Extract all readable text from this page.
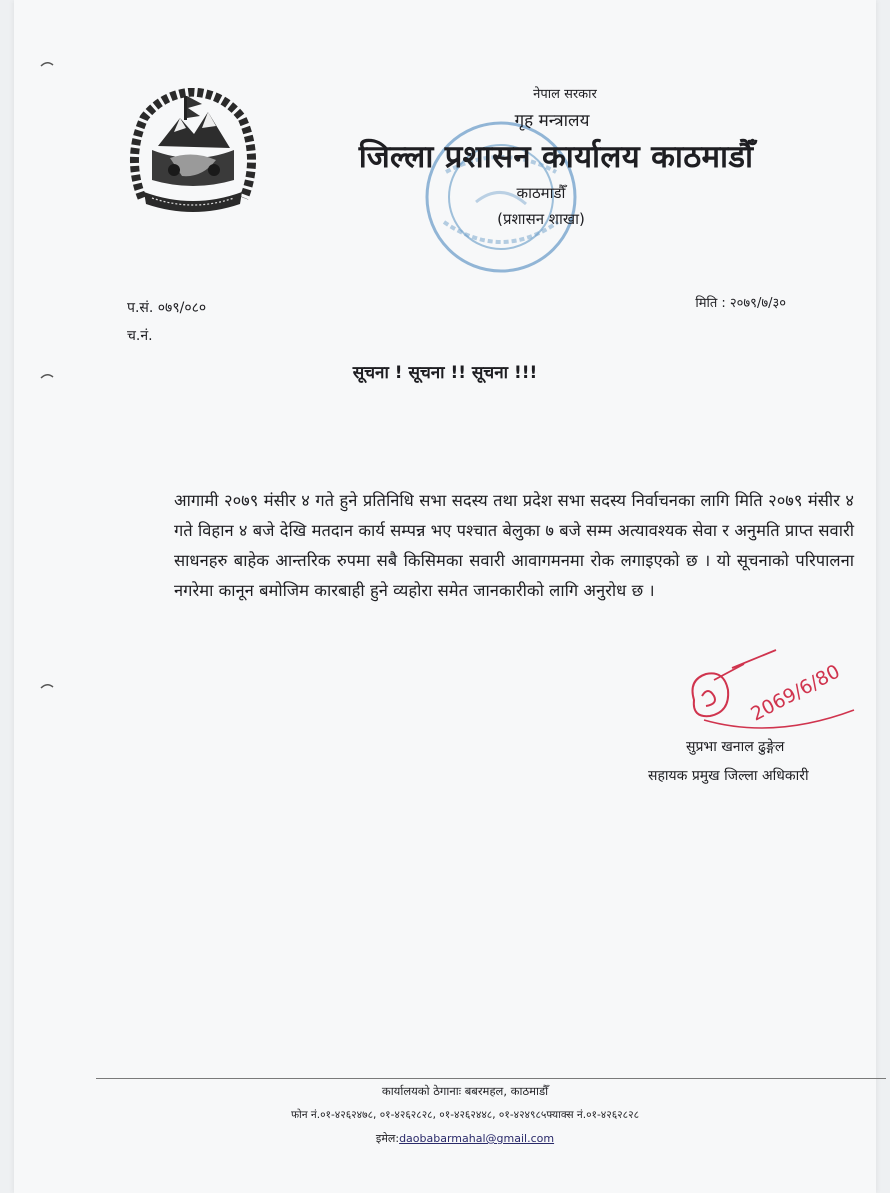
नेपाल सरकार
गृह मन्त्रालय
जिल्ला प्रशासन कार्यालय काठमाडौँ
काठमाडौँ
(प्रशासन शाखा)
प.सं. ०७९/०८०
च.नं.
मिति : २०७९/७/३०
सूचना ! सूचना !! सूचना !!!
आगामी २०७९ मंसीर ४ गते हुने प्रतिनिधि सभा सदस्य तथा प्रदेश सभा सदस्य निर्वाचनका लागि मिति २०७९ मंसीर ४ गते विहान ४ बजे देखि मतदान कार्य सम्पन्न भए पश्चात बेलुका ७ बजे सम्म अत्यावश्यक सेवा र अनुमति प्राप्त सवारी साधनहरु बाहेक आन्तरिक रुपमा सबै किसिमका सवारी आवागमनमा रोक लगाइएको छ । यो सूचनाको परिपालना नगरेमा कानून बमोजिम कारबाही हुने व्यहोरा समेत जानकारीको लागि अनुरोध छ ।
2069/6/80
सुप्रभा खनाल ढुङ्गेल
सहायक प्रमुख जिल्ला अधिकारी
कार्यालयको ठेगानाः बबरमहल, काठमाडौँ
फोन नं.०१-४२६२४७८, ०१-४२६२८२८, ०१-४२६२४४८, ०१-४२४९८५फ्याक्स नं.०१-४२६२८२८
इमेल:daobabarmahal@gmail.com
